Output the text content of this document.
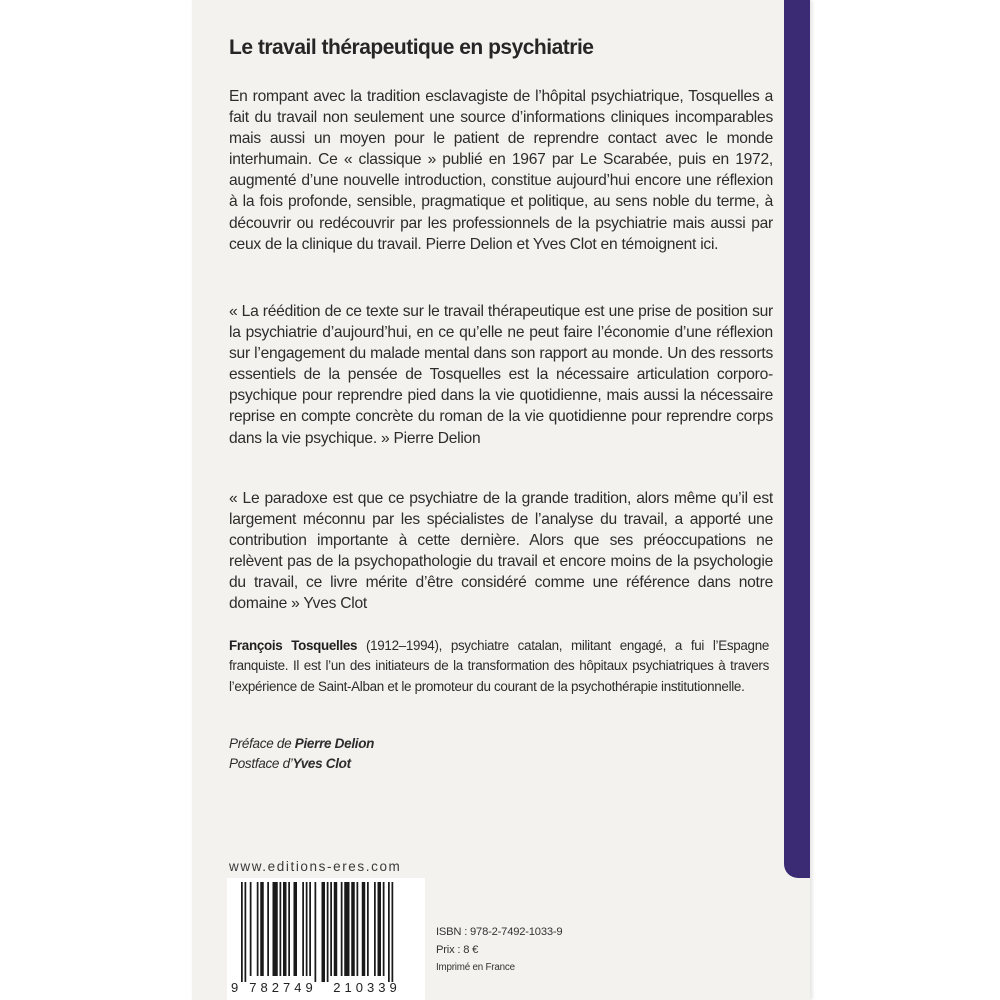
Le travail thérapeutique en psychiatrie
En rompant avec la tradition esclavagiste de l’hôpital psychiatrique, Tosquelles a fait du travail non seulement une source d’informations cliniques incomparables mais aussi un moyen pour le patient de reprendre contact avec le monde interhumain. Ce « classique » publié en 1967 par Le Scarabée, puis en 1972, augmenté d’une nouvelle introduction, constitue aujourd’hui encore une réflexion à la fois profonde, sensible, pragmatique et politique, au sens noble du terme, à découvrir ou redécouvrir par les professionnels de la psychiatrie mais aussi par ceux de la clinique du travail. Pierre Delion et Yves Clot en témoignent ici.
« La réédition de ce texte sur le travail thérapeutique est une prise de position sur la psychiatrie d’aujourd’hui, en ce qu’elle ne peut faire l’économie d’une réflexion sur l’engagement du malade mental dans son rapport au monde. Un des ressorts essentiels de la pensée de Tosquelles est la nécessaire articulation corporo-psychique pour reprendre pied dans la vie quotidienne, mais aussi la nécessaire reprise en compte concrète du roman de la vie quotidienne pour reprendre corps dans la vie psychique. » Pierre Delion
« Le paradoxe est que ce psychiatre de la grande tradition, alors même qu’il est largement méconnu par les spécialistes de l’analyse du travail, a apporté une contribution importante à cette dernière. Alors que ses préoccupations ne relèvent pas de la psychopathologie du travail et encore moins de la psychologie du travail, ce livre mérite d’être considéré comme une référence dans notre domaine » Yves Clot
François Tosquelles (1912–1994), psychiatre catalan, militant engagé, a fui l’Espagne franquiste. Il est l’un des initiateurs de la transformation des hôpitaux psychiatriques à travers l’expérience de Saint-Alban et le promoteur du courant de la psychothérapie institutionnelle.
Préface de Pierre Delion
Postface d’Yves Clot
www.editions-eres.com
9 782749 210339
ISBN : 978-2-7492-1033-9
Prix : 8 €
Imprimé en France
